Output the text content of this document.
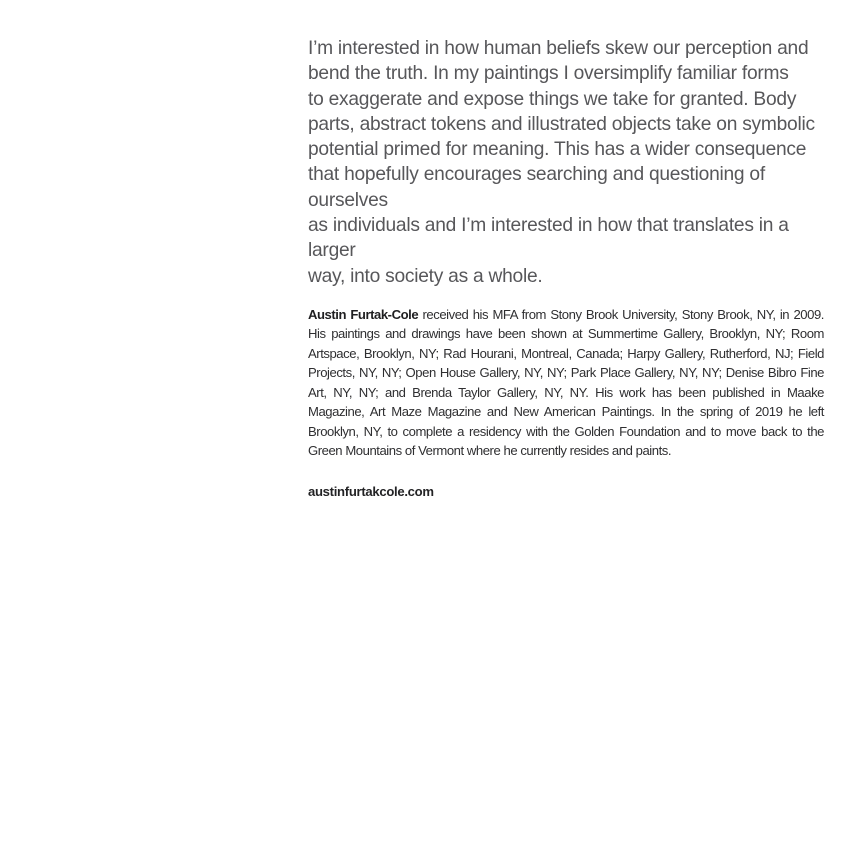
I’m interested in how human beliefs skew our perception and
bend the truth. In my paintings I oversimplify familiar forms
to exaggerate and expose things we take for granted. Body
parts, abstract tokens and illustrated objects take on symbolic
potential primed for meaning. This has a wider consequence
that hopefully encourages searching and questioning of ourselves
as individuals and I’m interested in how that translates in a larger
way, into society as a whole.

Austin Furtak-Cole received his MFA from Stony Brook University, Stony Brook, NY, in 2009. His paintings and drawings have been shown at Summertime Gallery, Brooklyn, NY; Room Artspace, Brooklyn, NY; Rad Hourani, Montreal, Canada; Harpy Gallery, Rutherford, NJ; Field Projects, NY, NY; Open House Gallery, NY, NY; Park Place Gallery, NY, NY; Denise Bibro Fine Art, NY, NY; and Brenda Taylor Gallery, NY, NY. His work has been published in Maake Magazine, Art Maze Magazine and New American Paintings. In the spring of 2019 he left Brooklyn, NY, to complete a residency with the Golden Foundation and to move back to the Green Mountains of Vermont where he currently resides and paints.

austinfurtakcole.com
